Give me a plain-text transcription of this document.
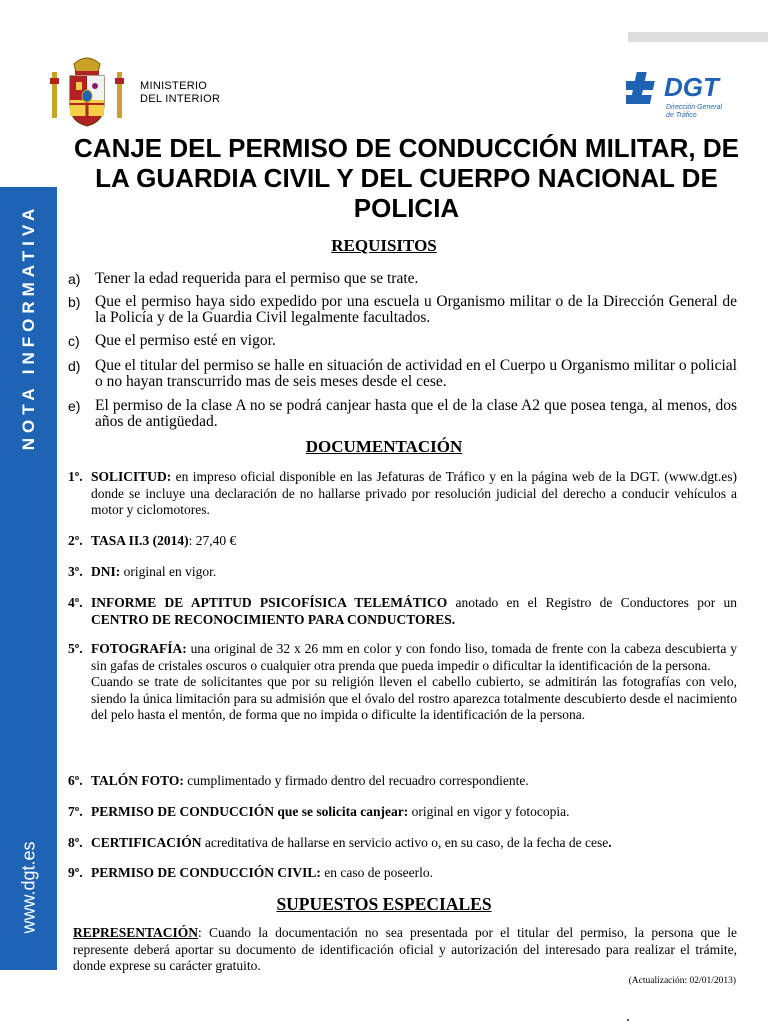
MINISTERIO
DEL INTERIOR	DGT
Dirección General
de Tráfico
NOTA INFORMATIVA
www.dgt.es
CANJE DEL PERMISO DE CONDUCCIÓN MILITAR, DE LA GUARDIA CIVIL Y DEL CUERPO NACIONAL DE POLICIA
REQUISITOS
a) Tener la edad requerida para el permiso que se trate.
b) Que el permiso haya sido expedido por una escuela u Organismo militar o de la Dirección General de la Policía y de la Guardia Civil legalmente facultados.
c) Que el permiso esté en vigor.
d) Que el titular del permiso se halle en situación de actividad en el Cuerpo u Organismo militar o policial o no hayan transcurrido mas de seis meses desde el cese.
e) El permiso de la clase A no se podrá canjear hasta que el de la clase A2 que posea tenga, al menos, dos años de antigüedad.
DOCUMENTACIÓN
1º. SOLICITUD: en impreso oficial disponible en las Jefaturas de Tráfico y en la página web de la DGT. (www.dgt.es) donde se incluye una declaración de no hallarse privado por resolución judicial del derecho a conducir vehículos a motor y ciclomotores.
2º. TASA II.3 (2014): 27,40 €
3º. DNI: original en vigor.
4º. INFORME DE APTITUD PSICOFÍSICA TELEMÁTICO anotado en el Registro de Conductores por un CENTRO DE RECONOCIMIENTO PARA CONDUCTORES.
5º. FOTOGRAFÍA: una original de 32 x 26 mm en color y con fondo liso, tomada de frente con la cabeza descubierta y sin gafas de cristales oscuros o cualquier otra prenda que pueda impedir o dificultar la identificación de la persona.
Cuando se trate de solicitantes que por su religión lleven el cabello cubierto, se admitirán las fotografías con velo, siendo la única limitación para su admisión que el óvalo del rostro aparezca totalmente descubierto desde el nacimiento del pelo hasta el mentón, de forma que no impida o dificulte la identificación de la persona.
6º. TALÓN FOTO: cumplimentado y firmado dentro del recuadro correspondiente.
7º. PERMISO DE CONDUCCIÓN que se solicita canjear: original en vigor y fotocopia.
8º. CERTIFICACIÓN acreditativa de hallarse en servicio activo o, en su caso, de la fecha de cese.
9º. PERMISO DE CONDUCCIÓN CIVIL: en caso de poseerlo.
SUPUESTOS ESPECIALES
REPRESENTACIÓN: Cuando la documentación no sea presentada por el titular del permiso, la persona que le represente deberá aportar su documento de identificación oficial y autorización del interesado para realizar el trámite, donde exprese su carácter gratuito.
(Actualización: 02/01/2013)
